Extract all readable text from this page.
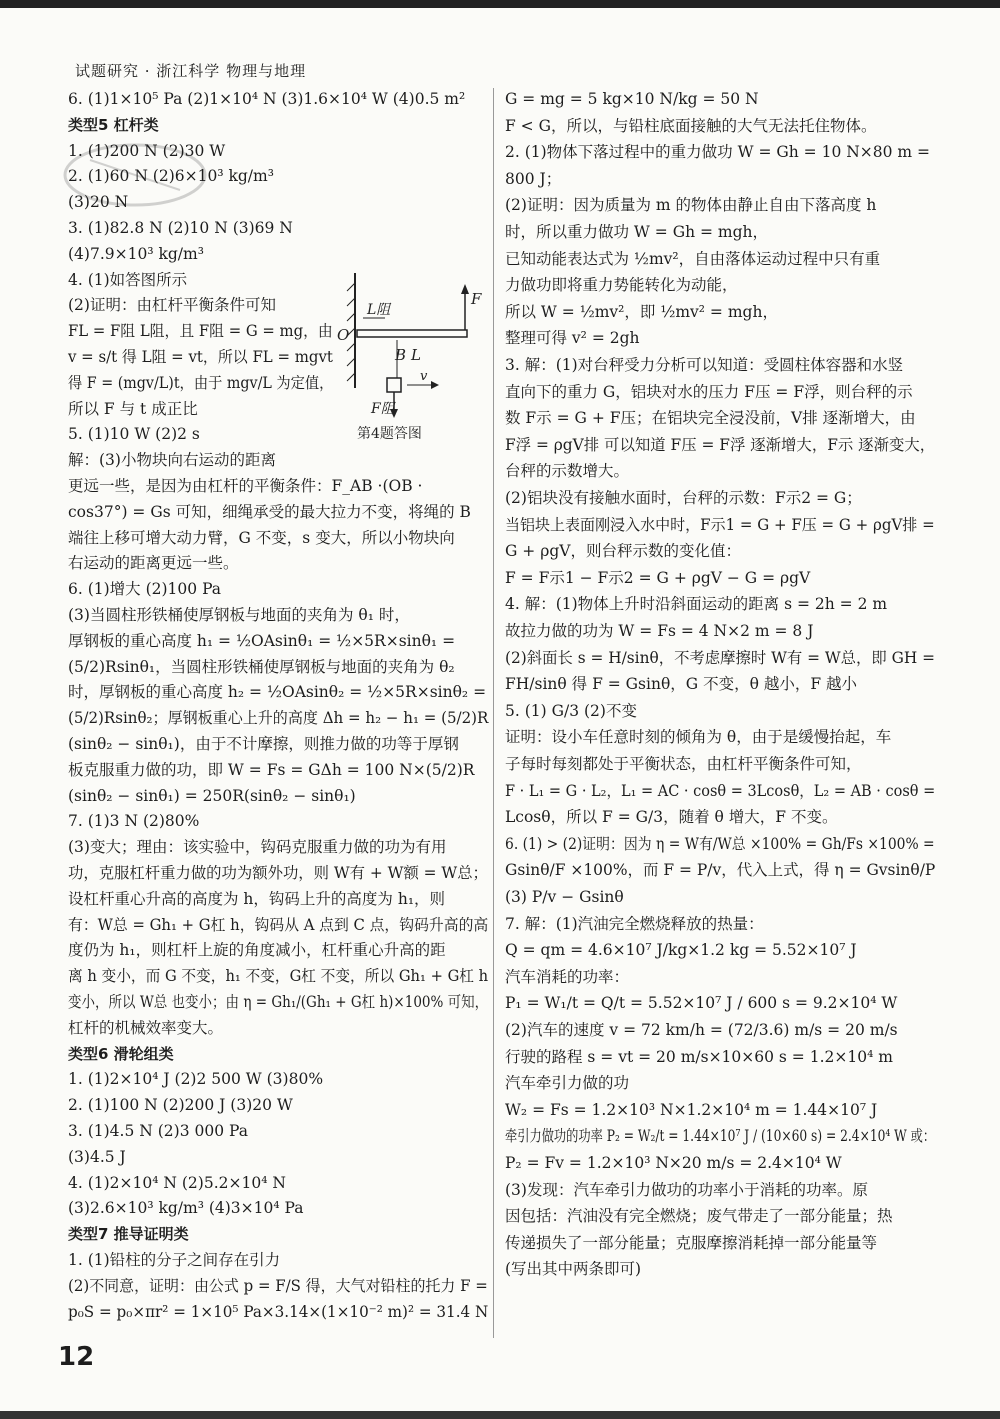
试题研究 · 浙江科学 物理与地理
6. (1)1×10⁵ Pa (2)1×10⁴ N (3)1.6×10⁴ W (4)0.5 m²
类型5 杠杆类
1. (1)200 N (2)30 W
2. (1)60 N (2)6×10³ kg/m³
(3)20 N
3. (1)82.8 N (2)10 N (3)69 N
(4)7.9×10³ kg/m³
4. (1)如答图所示
(2)证明：由杠杆平衡条件可知
FL = F阻 L阻，且 F阻 = G = mg，由
v = s/t 得 L阻 = vt，所以 FL = mgvt
得 F = (mgv/L)t，由于 mgv/L 为定值，
所以 F 与 t 成正比
5. (1)10 W (2)2 s
解：(3)小物块向右运动的距离
更远一些，是因为由杠杆的平衡条件：F_AB ·(OB ·
cos37°) = Gs 可知，细绳承受的最大拉力不变，将绳的 B
端往上移可增大动力臂，G 不变，s 变大，所以小物块向
右运动的距离更远一些。
6. (1)增大 (2)100 Pa
(3)当圆柱形铁桶使厚钢板与地面的夹角为 θ₁ 时，
厚钢板的重心高度 h₁ = ½OAsinθ₁ = ½×5R×sinθ₁ =
(5/2)Rsinθ₁，当圆柱形铁桶使厚钢板与地面的夹角为 θ₂
时，厚钢板的重心高度 h₂ = ½OAsinθ₂ = ½×5R×sinθ₂ =
(5/2)Rsinθ₂；厚钢板重心上升的高度 Δh = h₂ − h₁ = (5/2)R
(sinθ₂ − sinθ₁)，由于不计摩擦，则推力做的功等于厚钢
板克服重力做的功，即 W = Fs = GΔh = 100 N×(5/2)R
(sinθ₂ − sinθ₁) = 250R(sinθ₂ − sinθ₁)
7. (1)3 N (2)80%
(3)变大；理由：该实验中，钩码克服重力做的功为有用
功，克服杠杆重力做的功为额外功，则 W有 + W额 = W总；
设杠杆重心升高的高度为 h，钩码上升的高度为 h₁，则
有：W总 = Gh₁ + G杠 h，钩码从 A 点到 C 点，钩码升高的高
度仍为 h₁，则杠杆上旋的角度减小，杠杆重心升高的距
离 h 变小，而 G 不变，h₁ 不变，G杠 不变，所以 Gh₁ + G杠 h
变小，所以 W总 也变小；由 η = Gh₁/(Gh₁ + G杠 h)×100% 可知，
杠杆的机械效率变大。
类型6 滑轮组类
1. (1)2×10⁴ J (2)2 500 W (3)80%
2. (1)100 N (2)200 J (3)20 W
3. (1)4.5 N (2)3 000 Pa
(3)4.5 J
4. (1)2×10⁴ N (2)5.2×10⁴ N
(3)2.6×10³ kg/m³ (4)3×10⁴ Pa
类型7 推导证明类
1. (1)铅柱的分子之间存在引力
(2)不同意，证明：由公式 p = F/S 得，大气对铅柱的托力 F =
p₀S = p₀×πr² = 1×10⁵ Pa×3.14×(1×10⁻² m)² = 31.4 N
G = mg = 5 kg×10 N/kg = 50 N
F < G，所以，与铅柱底面接触的大气无法托住物体。
2. (1)物体下落过程中的重力做功 W = Gh = 10 N×80 m =
800 J；
(2)证明：因为质量为 m 的物体由静止自由下落高度 h
时，所以重力做功 W = Gh = mgh，
已知动能表达式为 ½mv²，自由落体运动过程中只有重
力做功即将重力势能转化为动能，
所以 W = ½mv²，即 ½mv² = mgh，
整理可得 v² = 2gh
3. 解：(1)对台秤受力分析可以知道：受圆柱体容器和水竖
直向下的重力 G，铝块对水的压力 F压 = F浮，则台秤的示
数 F示 = G + F压；在铝块完全浸没前，V排 逐渐增大，由
F浮 = ρgV排 可以知道 F压 = F浮 逐渐增大，F示 逐渐变大，
台秤的示数增大。
(2)铝块没有接触水面时，台秤的示数：F示2 = G；
当铝块上表面刚浸入水中时，F示1 = G + F压 = G + ρgV排 =
G + ρgV，则台秤示数的变化值：
F = F示1 − F示2 = G + ρgV − G = ρgV
4. 解：(1)物体上升时沿斜面运动的距离 s = 2h = 2 m
故拉力做的功为 W = Fs = 4 N×2 m = 8 J
(2)斜面长 s = H/sinθ，不考虑摩擦时 W有 = W总，即 GH =
FH/sinθ 得 F = Gsinθ，G 不变，θ 越小，F 越小
5. (1) G/3 (2)不变
证明：设小车任意时刻的倾角为 θ，由于是缓慢抬起，车
子每时每刻都处于平衡状态，由杠杆平衡条件可知，
F · L₁ = G · L₂，L₁ = AC · cosθ = 3Lcosθ，L₂ = AB · cosθ =
Lcosθ，所以 F = G/3，随着 θ 增大，F 不变。
6. (1) > (2)证明：因为 η = W有/W总 ×100% = Gh/Fs ×100% =
Gsinθ/F ×100%，而 F = P/v，代入上式，得 η = Gvsinθ/P
(3) P/v − Gsinθ
7. 解：(1)汽油完全燃烧释放的热量：
Q = qm = 4.6×10⁷ J/kg×1.2 kg = 5.52×10⁷ J
汽车消耗的功率：
P₁ = W₁/t = Q/t = 5.52×10⁷ J / 600 s = 9.2×10⁴ W
(2)汽车的速度 v = 72 km/h = (72/3.6) m/s = 20 m/s
行驶的路程 s = vt = 20 m/s×10×60 s = 1.2×10⁴ m
汽车牵引力做的功
W₂ = Fs = 1.2×10³ N×1.2×10⁴ m = 1.44×10⁷ J
牵引力做功的功率 P₂ = W₂/t = 1.44×10⁷ J / (10×60 s) = 2.4×10⁴ W 或：
P₂ = Fv = 1.2×10³ N×20 m/s = 2.4×10⁴ W
(3)发现：汽车牵引力做功的功率小于消耗的功率。原
因包括：汽油没有完全燃烧；废气带走了一部分能量；热
传递损失了一部分能量；克服摩擦消耗掉一部分能量等
(写出其中两条即可)
O
L阻
B L
v
F
F阻
第4题答图
12
